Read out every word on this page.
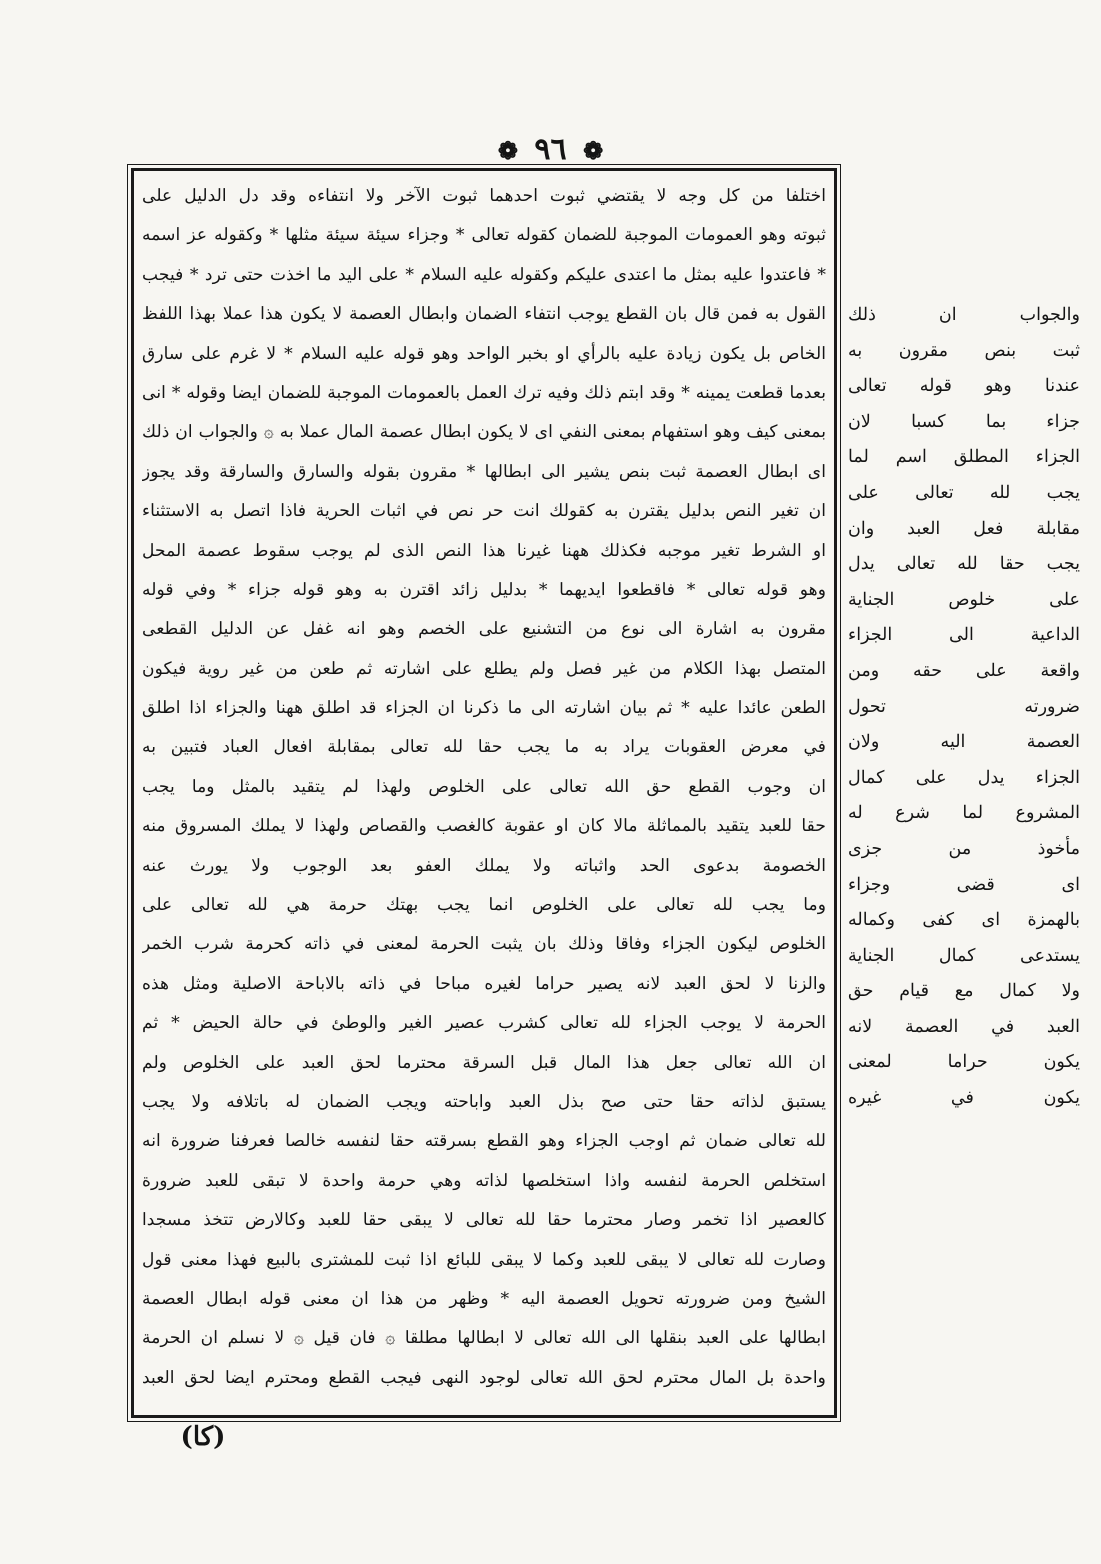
❁ ٩٦ ❁
اختلفا من كل وجه لا يقتضي ثبوت احدهما ثبوت الآخر ولا انتفاءه وقد دل الدليل على
ثبوته وهو العمومات الموجبة للضمان كقوله تعالى * وجزاء سيئة سيئة مثلها * وكقوله عز اسمه
* فاعتدوا عليه بمثل ما اعتدى عليكم وكقوله عليه السلام * على اليد ما اخذت حتى ترد * فيجب
القول به فمن قال بان القطع يوجب انتفاء الضمان وابطال العصمة لا يكون هذا عملا بهذا اللفظ
الخاص بل يكون زيادة عليه بالرأي او بخبر الواحد وهو قوله عليه السلام * لا غرم على سارق
بعدما قطعت يمينه * وقد ابتم ذلك وفيه ترك العمل بالعمومات الموجبة للضمان ايضا وقوله * انى
بمعنى كيف وهو استفهام بمعنى النفي اى لا يكون ابطال عصمة المال عملا به ۞ والجواب ان ذلك
اى ابطال العصمة ثبت بنص يشير الى ابطالها * مقرون بقوله والسارق والسارقة وقد يجوز
ان تغير النص بدليل يقترن به كقولك انت حر نص في اثبات الحرية فاذا اتصل به الاستثناء
او الشرط تغير موجبه فكذلك ههنا غيرنا هذا النص الذى لم يوجب سقوط عصمة المحل
وهو قوله تعالى * فاقطعوا ايديهما * بدليل زائد اقترن به وهو قوله جزاء * وفي قوله
مقرون به اشارة الى نوع من التشنيع على الخصم وهو انه غفل عن الدليل القطعى
المتصل بهذا الكلام من غير فصل ولم يطلع على اشارته ثم طعن من غير روية فيكون
الطعن عائدا عليه * ثم بيان اشارته الى ما ذكرنا ان الجزاء قد اطلق ههنا والجزاء اذا اطلق
في معرض العقوبات يراد به ما يجب حقا لله تعالى بمقابلة افعال العباد فتبين به
ان وجوب القطع حق الله تعالى على الخلوص ولهذا لم يتقيد بالمثل وما يجب
حقا للعبد يتقيد بالمماثلة مالا كان او عقوبة كالغصب والقصاص ولهذا لا يملك المسروق منه
الخصومة بدعوى الحد واثباته ولا يملك العفو بعد الوجوب ولا يورث عنه
وما يجب لله تعالى على الخلوص انما يجب بهتك حرمة هي لله تعالى على
الخلوص ليكون الجزاء وفاقا وذلك بان يثبت الحرمة لمعنى في ذاته كحرمة شرب الخمر
والزنا لا لحق العبد لانه يصير حراما لغيره مباحا في ذاته بالاباحة الاصلية ومثل هذه
الحرمة لا يوجب الجزاء لله تعالى كشرب عصير الغير والوطئ في حالة الحيض * ثم
ان الله تعالى جعل هذا المال قبل السرقة محترما لحق العبد على الخلوص ولم
يستبق لذاته حقا حتى صح بذل العبد واباحته ويجب الضمان له باتلافه ولا يجب
لله تعالى ضمان ثم اوجب الجزاء وهو القطع بسرقته حقا لنفسه خالصا فعرفنا ضرورة انه
استخلص الحرمة لنفسه واذا استخلصها لذاته وهي حرمة واحدة لا تبقى للعبد ضرورة
كالعصير اذا تخمر وصار محترما حقا لله تعالى لا يبقى حقا للعبد وكالارض تتخذ مسجدا
وصارت لله تعالى لا يبقى للعبد وكما لا يبقى للبائع اذا ثبت للمشترى بالبيع فهذا معنى قول
الشيخ ومن ضرورته تحويل العصمة اليه * وظهر من هذا ان معنى قوله ابطال العصمة
ابطالها على العبد بنقلها الى الله تعالى لا ابطالها مطلقا ۞ فان قيل ۞ لا نسلم ان الحرمة
واحدة بل المال محترم لحق الله تعالى لوجود النهى فيجب القطع ومحترم ايضا لحق العبد
والجواب ان ذلك
ثبت بنص مقرون به
عندنا وهو قوله تعالى
جزاء بما كسبا لان
الجزاء المطلق اسم لما
يجب لله تعالى على
مقابلة فعل العبد وان
يجب حقا لله تعالى يدل
على خلوص الجناية
الداعية الى الجزاء
واقعة على حقه ومن
ضرورته تحول
العصمة اليه ولان
الجزاء يدل على كمال
المشروع لما شرع له
مأخوذ من جزى
اى قضى وجزاء
بالهمزة اى كفى وكماله
يستدعى كمال الجناية
ولا كمال مع قيام حق
العبد في العصمة لانه
يكون حراما لمعنى
يكون في غيره
(كا)
